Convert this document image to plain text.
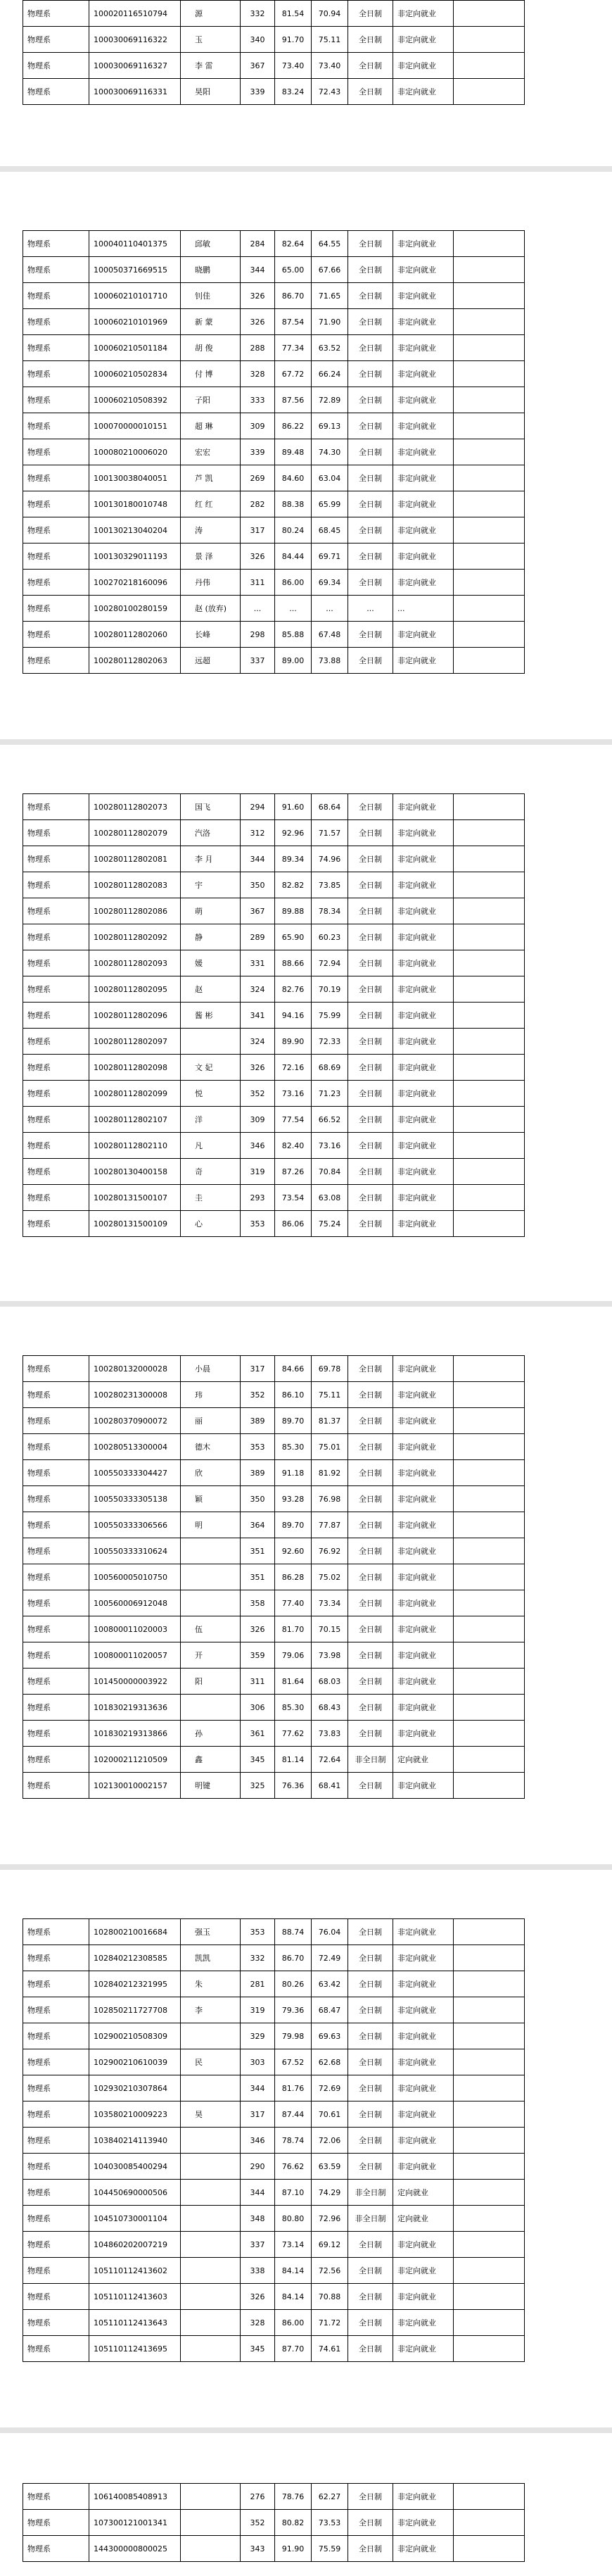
物理系	100020116510794	源	332	81.54	70.94	全日制	非定向就业	
物理系	100030069116322	玉	340	91.70	75.11	全日制	非定向就业	
物理系	100030069116327	李 雷	367	73.40	73.40	全日制	非定向就业	
物理系	100030069116331	昊阳	339	83.24	72.43	全日制	非定向就业	
物理系	100040110401375	邱敏	284	82.64	64.55	全日制	非定向就业	
物理系	100050371669515	晓鹏	344	65.00	67.66	全日制	非定向就业	
物理系	100060210101710	钊佳	326	86.70	71.65	全日制	非定向就业	
物理系	100060210101969	新 蒙	326	87.54	71.90	全日制	非定向就业	
物理系	100060210501184	胡 俊	288	77.34	63.52	全日制	非定向就业	
物理系	100060210502834	付 博	328	67.72	66.24	全日制	非定向就业	
物理系	100060210508392	子阳	333	87.56	72.89	全日制	非定向就业	
物理系	100070000010151	超 琳	309	86.22	69.13	全日制	非定向就业	
物理系	100080210006020	宏宏	339	89.48	74.30	全日制	非定向就业	
物理系	100130038040051	芦 凯	269	84.60	63.04	全日制	非定向就业	
物理系	100130180010748	红 红	282	88.38	65.99	全日制	非定向就业	
物理系	100130213040204	涛	317	80.24	68.45	全日制	非定向就业	
物理系	100130329011193	景 泽	326	84.44	69.71	全日制	非定向就业	
物理系	100270218160096	丹伟	311	86.00	69.34	全日制	非定向就业	
物理系	100280100280159	赵 (放弃)	...	...	...	...	...	
物理系	100280112802060	长峰	298	85.88	67.48	全日制	非定向就业	
物理系	100280112802063	远超	337	89.00	73.88	全日制	非定向就业	
物理系	100280112802073	国飞	294	91.60	68.64	全日制	非定向就业	
物理系	100280112802079	汽洛	312	92.96	71.57	全日制	非定向就业	
物理系	100280112802081	李 月	344	89.34	74.96	全日制	非定向就业	
物理系	100280112802083	宇	350	82.82	73.85	全日制	非定向就业	
物理系	100280112802086	萌	367	89.88	78.34	全日制	非定向就业	
物理系	100280112802092	静	289	65.90	60.23	全日制	非定向就业	
物理系	100280112802093	媛	331	88.66	72.94	全日制	非定向就业	
物理系	100280112802095	赵	324	82.76	70.19	全日制	非定向就业	
物理系	100280112802096	酱 彬	341	94.16	75.99	全日制	非定向就业	
物理系	100280112802097		324	89.90	72.33	全日制	非定向就业	
物理系	100280112802098	文 妃	326	72.16	68.69	全日制	非定向就业	
物理系	100280112802099	悦	352	73.16	71.23	全日制	非定向就业	
物理系	100280112802107	洋	309	77.54	66.52	全日制	非定向就业	
物理系	100280112802110	凡	346	82.40	73.16	全日制	非定向就业	
物理系	100280130400158	奇	319	87.26	70.84	全日制	非定向就业	
物理系	100280131500107	圭	293	73.54	63.08	全日制	非定向就业	
物理系	100280131500109	心	353	86.06	75.24	全日制	非定向就业	
物理系	100280132000028	小晨	317	84.66	69.78	全日制	非定向就业	
物理系	100280231300008	玮	352	86.10	75.11	全日制	非定向就业	
物理系	100280370900072	丽	389	89.70	81.37	全日制	非定向就业	
物理系	100280513300004	德木	353	85.30	75.01	全日制	非定向就业	
物理系	100550333304427	欣	389	91.18	81.92	全日制	非定向就业	
物理系	100550333305138	颖	350	93.28	76.98	全日制	非定向就业	
物理系	100550333306566	明	364	89.70	77.87	全日制	非定向就业	
物理系	100550333310624		351	92.60	76.92	全日制	非定向就业	
物理系	100560005010750		351	86.28	75.02	全日制	非定向就业	
物理系	100560006912048		358	77.40	73.34	全日制	非定向就业	
物理系	100800011020003	伍	326	81.70	70.15	全日制	非定向就业	
物理系	100800011020057	开	359	79.06	73.98	全日制	非定向就业	
物理系	101450000003922	阳	311	81.64	68.03	全日制	非定向就业	
物理系	101830219313636		306	85.30	68.43	全日制	非定向就业	
物理系	101830219313866	孙	361	77.62	73.83	全日制	非定向就业	
物理系	102000211210509	鑫	345	81.14	72.64	非全日制	定向就业	
物理系	102130010002157	明键	325	76.36	68.41	全日制	非定向就业	
物理系	102800210016684	强玉	353	88.74	76.04	全日制	非定向就业	
物理系	102840212308585	凯凯	332	86.70	72.49	全日制	非定向就业	
物理系	102840212321995	朱	281	80.26	63.42	全日制	非定向就业	
物理系	102850211727708	李	319	79.36	68.47	全日制	非定向就业	
物理系	102900210508309		329	79.98	69.63	全日制	非定向就业	
物理系	102900210610039	民	303	67.52	62.68	全日制	非定向就业	
物理系	102930210307864		344	81.76	72.69	全日制	非定向就业	
物理系	103580210009223	昊	317	87.44	70.61	全日制	非定向就业	
物理系	103840214113940		346	78.74	72.06	全日制	非定向就业	
物理系	104030085400294		290	76.62	63.59	全日制	非定向就业	
物理系	104450690000506		344	87.10	74.29	非全日制	定向就业	
物理系	104510730001104		348	80.80	72.96	非全日制	定向就业	
物理系	104860202007219		337	73.14	69.12	全日制	非定向就业	
物理系	105110112413602		338	84.14	72.56	全日制	非定向就业	
物理系	105110112413603		326	84.14	70.88	全日制	非定向就业	
物理系	105110112413643		328	86.00	71.72	全日制	非定向就业	
物理系	105110112413695		345	87.70	74.61	全日制	非定向就业	
物理系	106140085408913		276	78.76	62.27	全日制	非定向就业	
物理系	107300121001341		352	80.82	73.53	全日制	非定向就业	
物理系	144300000800025		343	91.90	75.59	全日制	非定向就业	
